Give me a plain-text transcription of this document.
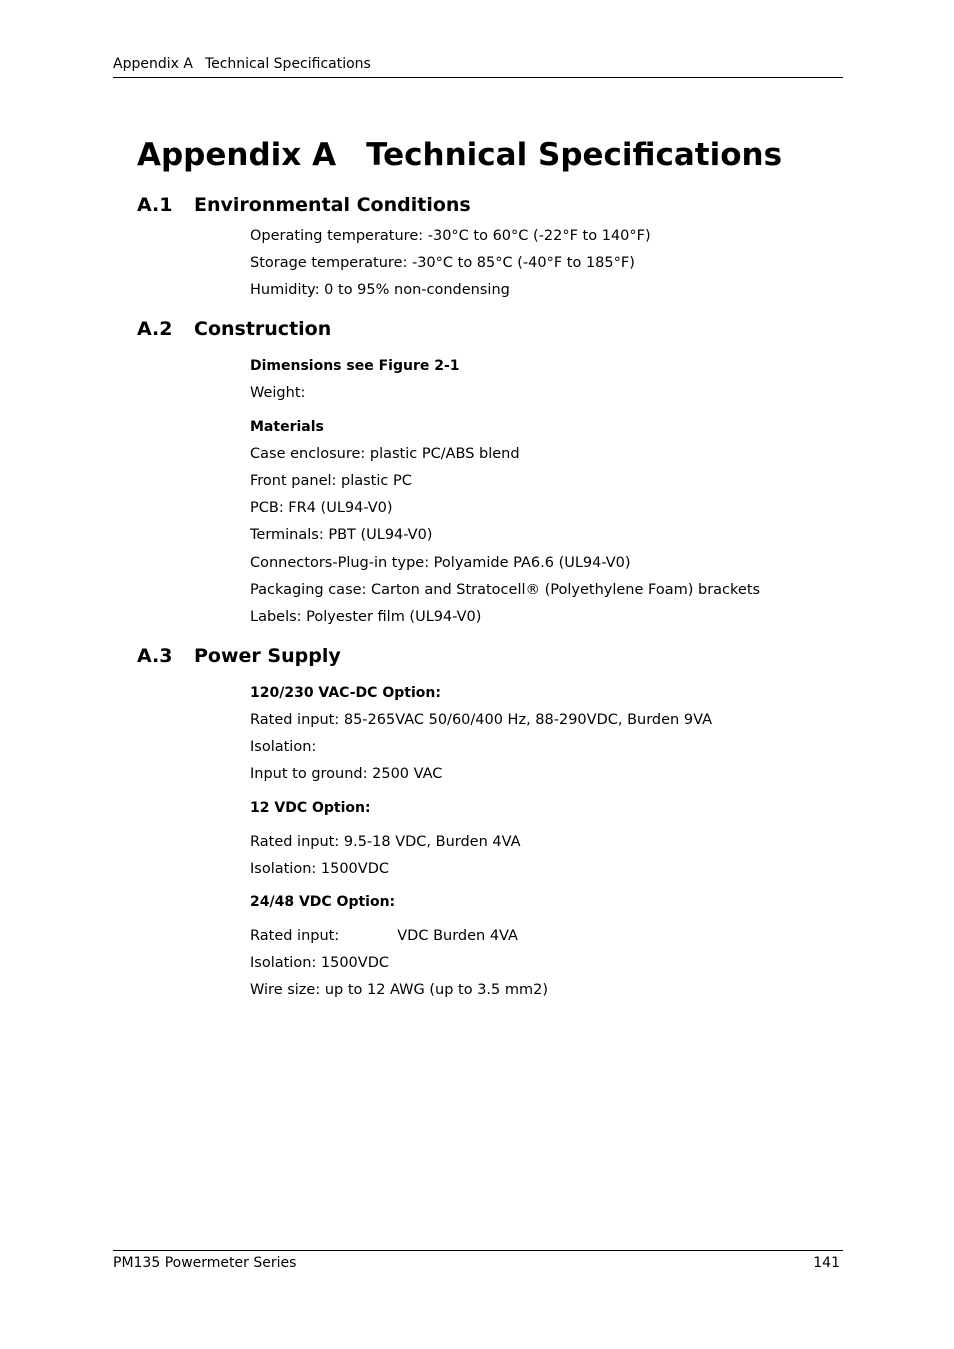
Appendix A Technical Specifications
Appendix A Technical Specifications
A.1 Environmental Conditions
Operating temperature: -30°C to 60°C (-22°F to 140°F)
Storage temperature: -30°C to 85°C (-40°F to 185°F)
Humidity: 0 to 95% non-condensing
A.2 Construction
Dimensions see Figure 2-1
Weight:
Materials
Case enclosure: plastic PC/ABS blend
Front panel: plastic PC
PCB: FR4 (UL94-V0)
Terminals: PBT (UL94-V0)
Connectors-Plug-in type: Polyamide PA6.6 (UL94-V0)
Packaging case: Carton and Stratocell® (Polyethylene Foam) brackets
Labels: Polyester film (UL94-V0)
A.3 Power Supply
120/230 VAC-DC Option:
Rated input: 85-265VAC 50/60/400 Hz, 88-290VDC, Burden 9VA
Isolation:
Input to ground: 2500 VAC
12 VDC Option:
Rated input: 9.5-18 VDC, Burden 4VA
Isolation: 1500VDC
24/48 VDC Option:
Rated input:	VDC Burden 4VA
Isolation: 1500VDC
Wire size: up to 12 AWG (up to 3.5 mm2)
PM135 Powermeter Series	141
